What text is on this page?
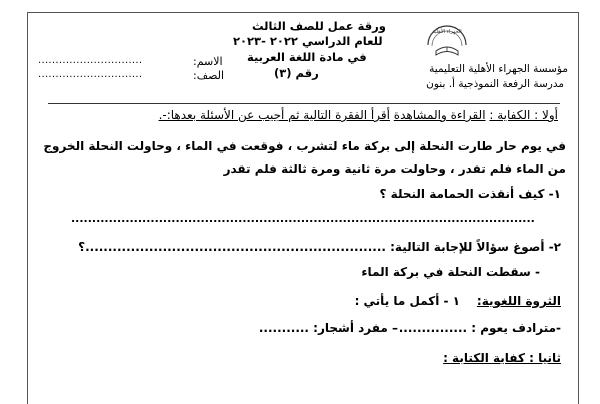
الجهراء الأهلية
مؤسسة الجهراء الأهلية التعليمية
مدرسة الرفعة النموذجية أ. بنون
ورقة عمل للصف الثالث
للعام الدراسي ٢٠٢٢ -٢٠٢٣
في مادة اللغة العربية
رقم (٣)
الاسم:
..............................
الصف:
..............................
أولا : الكفاية : القراءة والمشاهدة أقرأ الفقرة التالية ثم أجيب عن الأسئلة بعدها:-.
في يوم حار طارت النحلة إلى بركة ماء لتشرب ، فوقعت في الماء ، وحاولت النحلة الخروج
من الماء فلم تقدر ، وحاولت مرة ثانية ومرة ثالثة فلم تقدر
١- كيف أنقذت الحمامة النحلة ؟
...............................................................................................................
٢- أصوغ سؤالاً للإجابة التالية: ..................................................................؟
- سقطت النحلة في بركة الماء
الثروة اللغوية:
١ - أكمل ما يأتي :
-مترادف يعوم : ...............
– مفرد أشجار: ...........
ثانيا : كفاية الكتابة :
